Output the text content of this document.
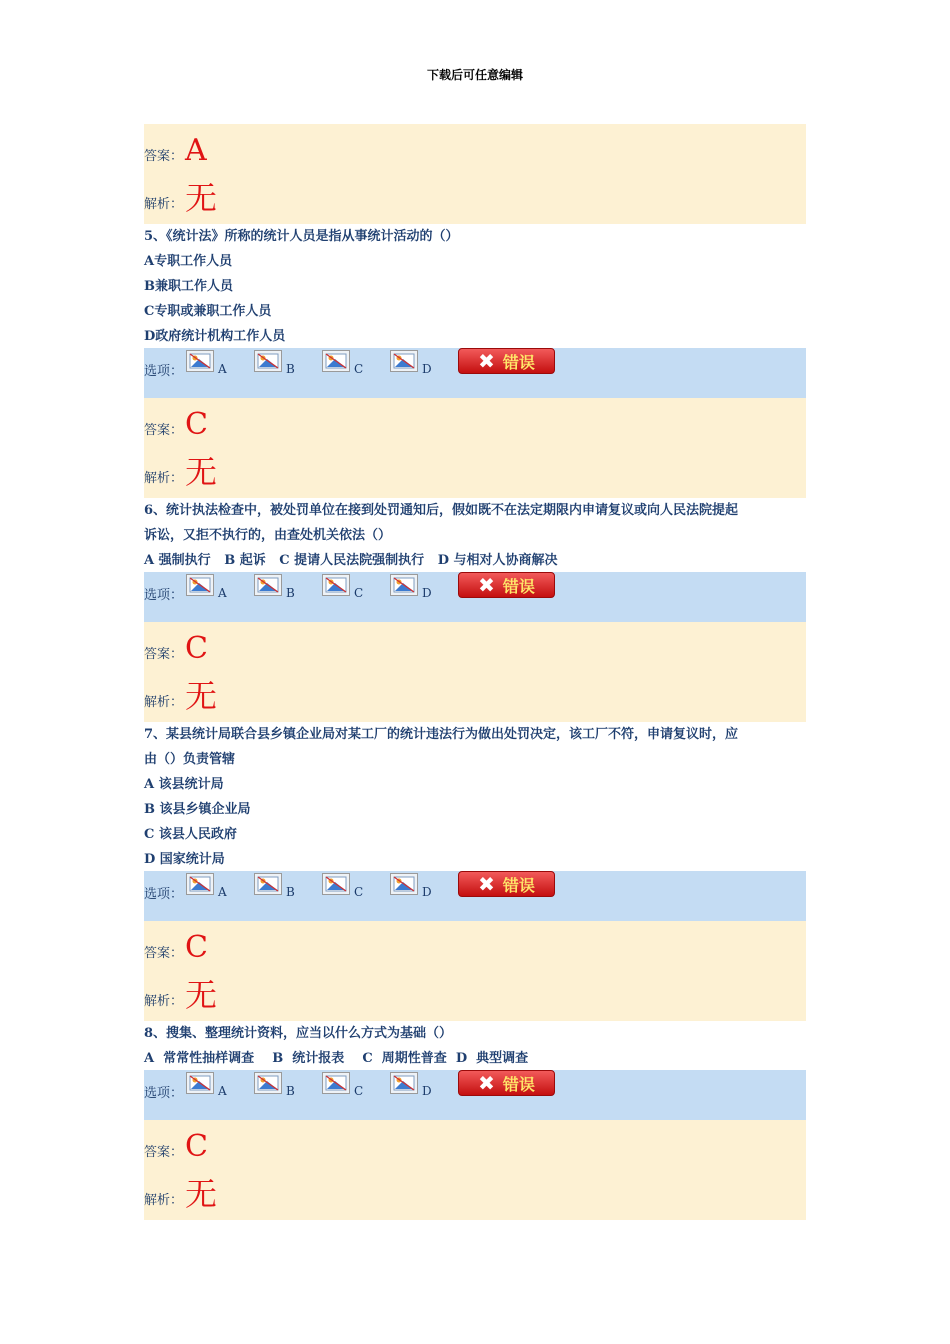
下载后可任意编辑
答案： A
解析： 无

5、《统计法》所称的统计人员是指从事统计活动的（）

A专职工作人员

B兼职工作人员

C专职或兼职工作人员

D政府统计机构工作人员

选项：	A	B	C	D ✖ 错误
答案： C
解析： 无

6、统计执法检查中，被处罚单位在接到处罚通知后，假如既不在法定期限内申请复议或向人民法院提起

诉讼，又拒不执行的，由查处机关依法（）

A 强制执行   B 起诉   C 提请人民法院强制执行   D 与相对人协商解决

选项：	A	B	C	D ✖ 错误
答案： C
解析： 无

7、某县统计局联合县乡镇企业局对某工厂的统计违法行为做出处罚决定，该工厂不符，申请复议时，应

由（）负责管辖

A 该县统计局

B 该县乡镇企业局

C 该县人民政府

D 国家统计局

选项：	A	B	C	D ✖ 错误
答案： C
解析： 无

8、搜集、整理统计资料，应当以什么方式为基础（）

A  常常性抽样调查    B  统计报表    C  周期性普查  D  典型调查

选项：	A	B	C	D ✖ 错误
答案： C
解析： 无
